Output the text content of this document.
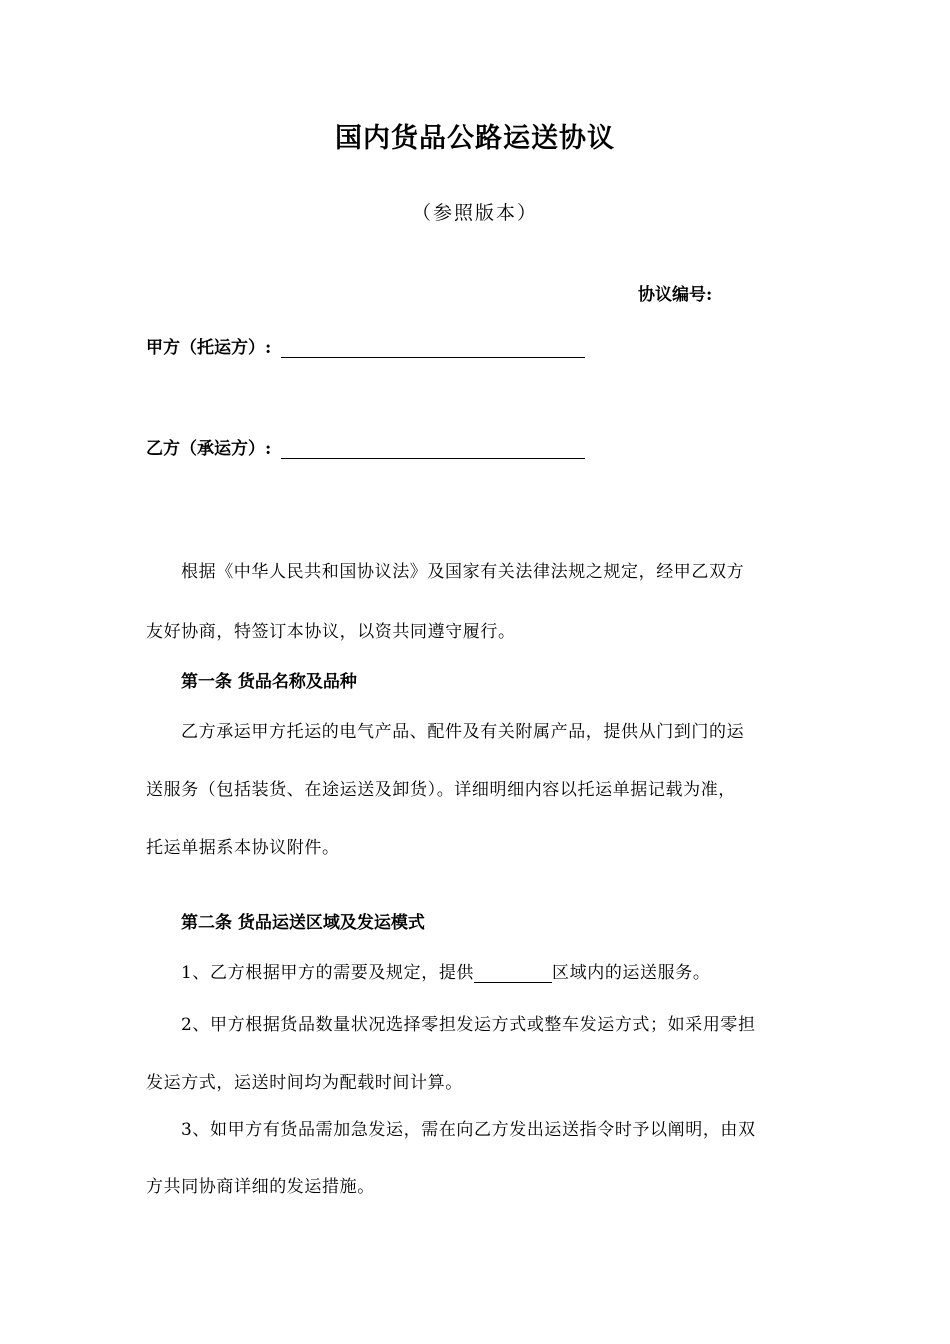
国内货品公路运送协议
（参照版本）
协议编号:
甲方（托运方）:
乙方（承运方）:
根据《中华人民共和国协议法》及国家有关法律法规之规定，经甲乙双方
友好协商，特签订本协议，以资共同遵守履行。
第一条 货品名称及品种
乙方承运甲方托运的电气产品、配件及有关附属产品，提供从门到门的运
送服务（包括装货、在途运送及卸货）。详细明细内容以托运单据记载为准，
托运单据系本协议附件。
第二条 货品运送区域及发运模式
1、乙方根据甲方的需要及规定，提供	区域内的运送服务。
2、甲方根据货品数量状况选择零担发运方式或整车发运方式；如采用零担
发运方式，运送时间均为配载时间计算。
3、如甲方有货品需加急发运，需在向乙方发出运送指令时予以阐明，由双
方共同协商详细的发运措施。
